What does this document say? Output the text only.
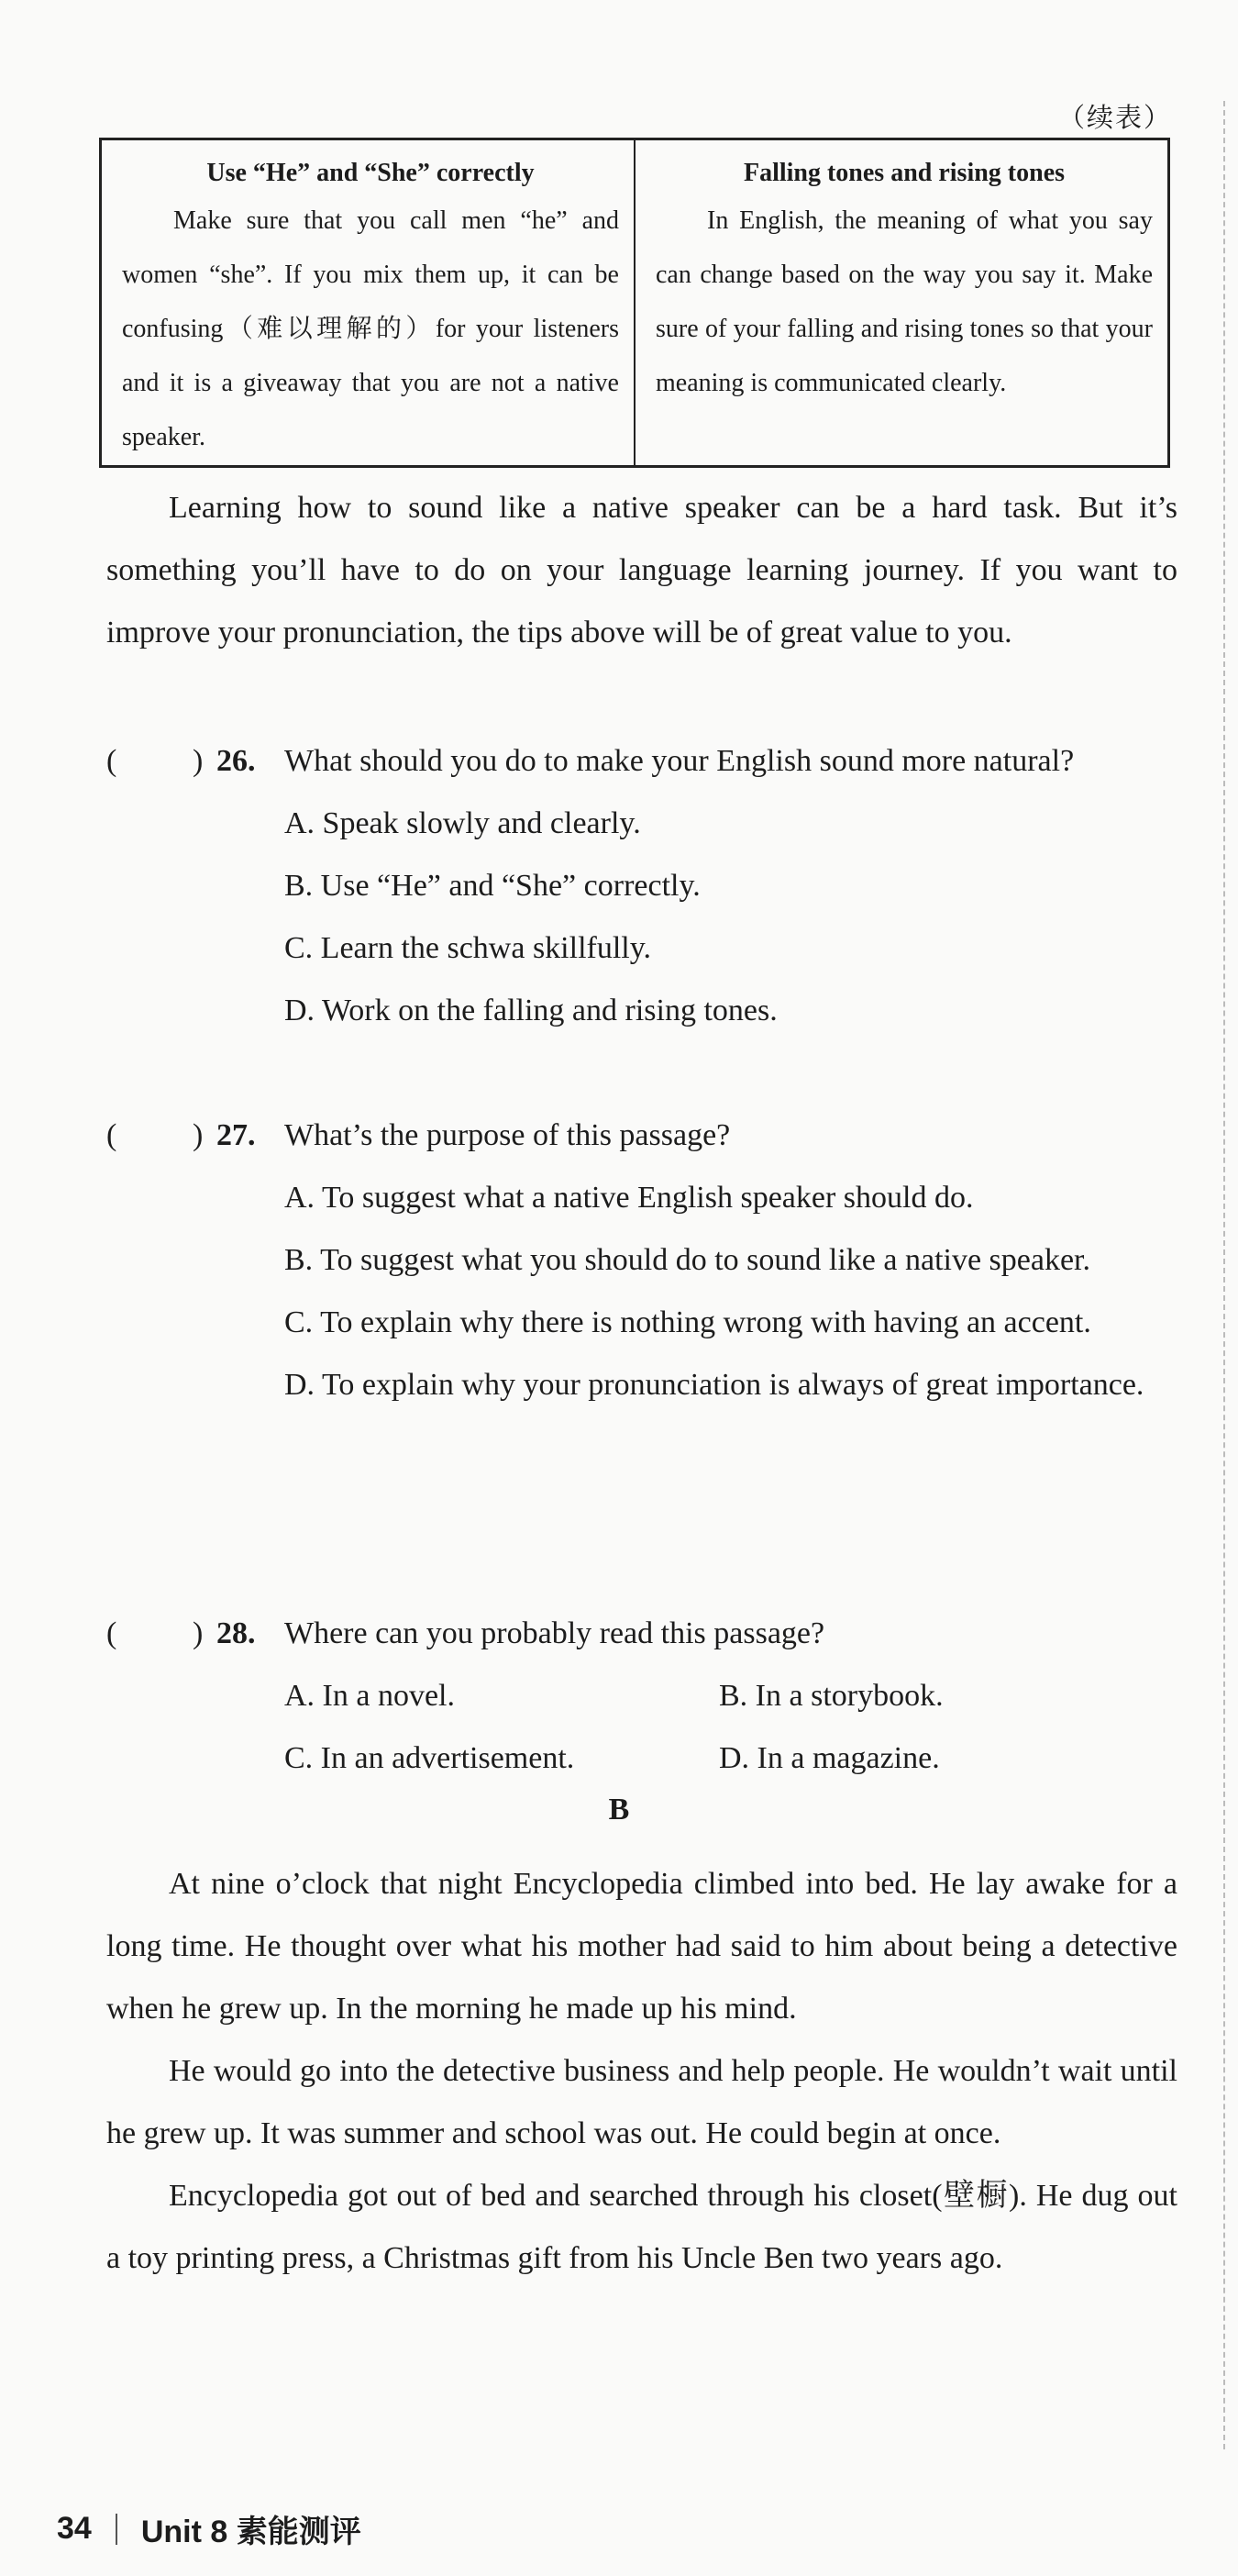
（续表）
Use “He” and “She” correctly
Make sure that you call men “he” and women “she”. If you mix them up, it can be confusing（难以理解的）for your listeners and it is a giveaway that you are not a native speaker.
Falling tones and rising tones
In English, the meaning of what you say can change based on the way you say it. Make sure of your falling and rising tones so that your meaning is communicated clearly.

Learning how to sound like a native speaker can be a hard task. But it’s something you’ll have to do on your language learning journey. If you want to improve your pronunciation, the tips above will be of great value to you.

( ) 26. What should you do to make your English sound more natural?
A. Speak slowly and clearly.
B. Use “He” and “She” correctly.
C. Learn the schwa skillfully.
D. Work on the falling and rising tones.
( ) 27. What’s the purpose of this passage?
A. To suggest what a native English speaker should do.
B. To suggest what you should do to sound like a native speaker.
C. To explain why there is nothing wrong with having an accent.
D. To explain why your pronunciation is always of great importance.
( ) 28. Where can you probably read this passage?
A. In a novel.	B. In a storybook.
C. In an advertisement.	D. In a magazine.
B

At nine o’clock that night Encyclopedia climbed into bed. He lay awake for a long time. He thought over what his mother had said to him about being a detective when he grew up. In the morning he made up his mind.

He would go into the detective business and help people. He wouldn’t wait until he grew up. It was summer and school was out. He could begin at once.

Encyclopedia got out of bed and searched through his closet(壁橱). He dug out a toy printing press, a Christmas gift from his Uncle Ben two years ago.

34 Unit 8 素能测评
